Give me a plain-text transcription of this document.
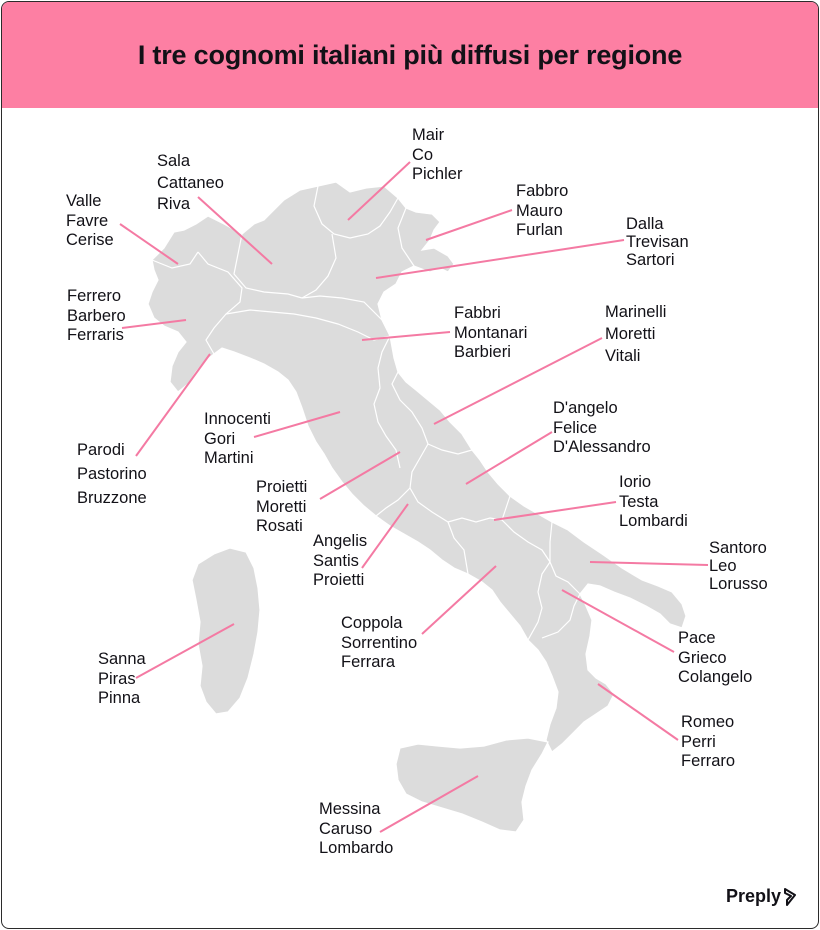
I tre cognomi italiani più diffusi per regione
Mair
Co
Pichler
Sala
Cattaneo
Riva
Valle
Favre
Cerise
Fabbro
Mauro
Furlan	Dalla
Trevisan
Sartori
Ferrero
Barbero
Ferraris
Fabbri
Montanari
Barbieri
Marinelli
Moretti
Vitali
Parodi
Pastorino
Bruzzone
Innocenti
Gori
Martini
D'angelo
Felice
D'Alessandro
Proietti
Moretti
Rosati
Iorio
Testa
Lombardi
Angelis
Santis
Proietti
Santoro
Leo
Lorusso
Coppola
Sorrentino
Ferrara
Sanna
Piras
Pinna
Pace
Grieco
Colangelo
Romeo
Perri
Ferraro
Messina
Caruso
Lombardo
Preply
